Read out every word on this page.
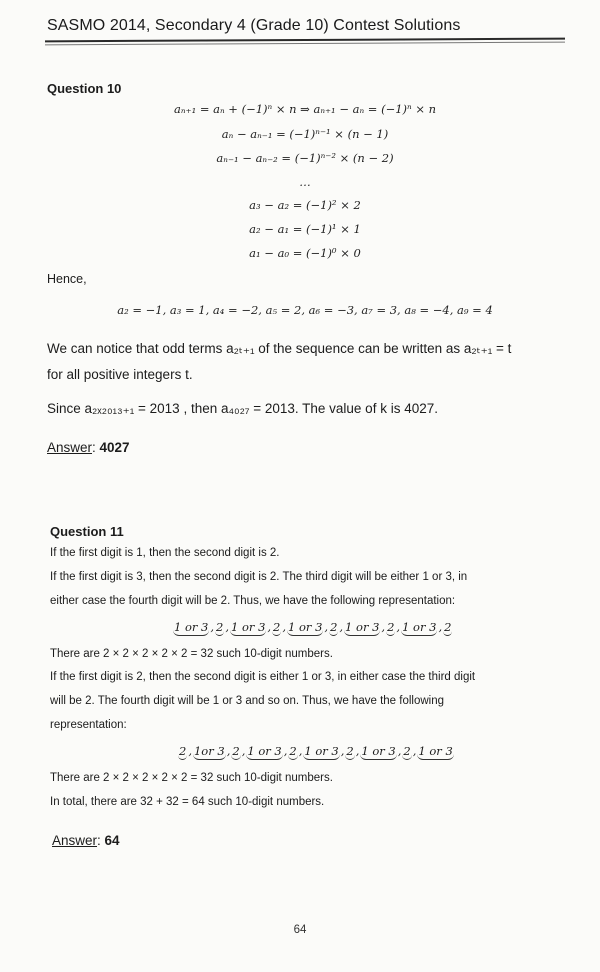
SASMO 2014, Secondary 4 (Grade 10) Contest Solutions
Question 10
aₙ₊₁ = aₙ + (−1)ⁿ × n ⇒ aₙ₊₁ − aₙ = (−1)ⁿ × n
aₙ − aₙ₋₁ = (−1)ⁿ⁻¹ × (n − 1)
aₙ₋₁ − aₙ₋₂ = (−1)ⁿ⁻² × (n − 2)
…
a₃ − a₂ = (−1)² × 2
a₂ − a₁ = (−1)¹ × 1
a₁ − a₀ = (−1)⁰ × 0
Hence,
a₂ = −1, a₃ = 1, a₄ = −2, a₅ = 2, a₆ = −3, a₇ = 3, a₈ = −4, a₉ = 4
We can notice that odd terms a₂ₜ₊₁ of the sequence can be written as a₂ₜ₊₁ = t
for all positive integers t.
Since a₂ₓ₂₀₁₃₊₁ = 2013 , then a₄₀₂₇ = 2013. The value of k is 4027.
Answer: 4027
Question 11
If the first digit is 1, then the second digit is 2.
If the first digit is 3, then the second digit is 2. The third digit will be either 1 or 3, in
either case the fourth digit will be 2. Thus, we have the following representation:
1 or 3 , 2 , 1 or 3 , 2 , 1 or 3 , 2 , 1 or 3 , 2 , 1 or 3 , 2
There are 2 × 2 × 2 × 2 × 2 = 32 such 10-digit numbers.
If the first digit is 2, then the second digit is either 1 or 3, in either case the third digit
will be 2. The fourth digit will be 1 or 3 and so on. Thus, we have the following
representation:
2 , 1or 3 , 2 , 1 or 3 , 2 , 1 or 3 , 2 , 1 or 3 , 2 , 1 or 3
There are 2 × 2 × 2 × 2 × 2 = 32 such 10-digit numbers.
In total, there are 32 + 32 = 64 such 10-digit numbers.
Answer: 64
64
